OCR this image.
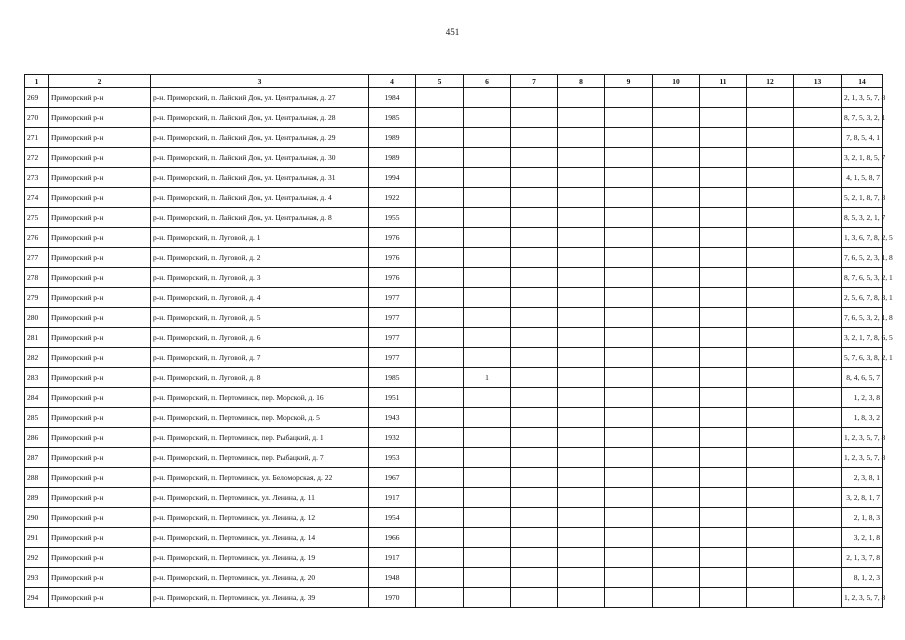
451
1	2	3	4	5	6	7	8	9	10	11	12	13	14
269	Приморский р-н	р-н. Приморский, п. Лайский Док, ул. Центральная, д. 27	1984										2, 1, 3, 5, 7, 8
270	Приморский р-н	р-н. Приморский, п. Лайский Док, ул. Центральная, д. 28	1985										8, 7, 5, 3, 2, 1
271	Приморский р-н	р-н. Приморский, п. Лайский Док, ул. Центральная, д. 29	1989										7, 8, 5, 4, 1
272	Приморский р-н	р-н. Приморский, п. Лайский Док, ул. Центральная, д. 30	1989										3, 2, 1, 8, 5, 7
273	Приморский р-н	р-н. Приморский, п. Лайский Док, ул. Центральная, д. 31	1994										4, 1, 5, 8, 7
274	Приморский р-н	р-н. Приморский, п. Лайский Док, ул. Центральная, д. 4	1922										5, 2, 1, 8, 7, 3
275	Приморский р-н	р-н. Приморский, п. Лайский Док, ул. Центральная, д. 8	1955										8, 5, 3, 2, 1, 7
276	Приморский р-н	р-н. Приморский, п. Луговой, д. 1	1976										1, 3, 6, 7, 8, 2, 5
277	Приморский р-н	р-н. Приморский, п. Луговой, д. 2	1976										7, 6, 5, 2, 3, 1, 8
278	Приморский р-н	р-н. Приморский, п. Луговой, д. 3	1976										8, 7, 6, 5, 3, 2, 1
279	Приморский р-н	р-н. Приморский, п. Луговой, д. 4	1977										2, 5, 6, 7, 8, 3, 1
280	Приморский р-н	р-н. Приморский, п. Луговой, д. 5	1977										7, 6, 5, 3, 2, 1, 8
281	Приморский р-н	р-н. Приморский, п. Луговой, д. 6	1977										3, 2, 1, 7, 8, 6, 5
282	Приморский р-н	р-н. Приморский, п. Луговой, д. 7	1977										5, 7, 6, 3, 8, 2, 1
283	Приморский р-н	р-н. Приморский, п. Луговой, д. 8	1985		1								8, 4, 6, 5, 7
284	Приморский р-н	р-н. Приморский, п. Пертоминск, пер. Морской, д. 16	1951										1, 2, 3, 8
285	Приморский р-н	р-н. Приморский, п. Пертоминск, пер. Морской, д. 5	1943										1, 8, 3, 2
286	Приморский р-н	р-н. Приморский, п. Пертоминск, пер. Рыбацкий, д. 1	1932										1, 2, 3, 5, 7, 8
287	Приморский р-н	р-н. Приморский, п. Пертоминск, пер. Рыбацкий, д. 7	1953										1, 2, 3, 5, 7, 8
288	Приморский р-н	р-н. Приморский, п. Пертоминск, ул. Беломорская, д. 22	1967										2, 3, 8, 1
289	Приморский р-н	р-н. Приморский, п. Пертоминск, ул. Ленина, д. 11	1917										3, 2, 8, 1, 7
290	Приморский р-н	р-н. Приморский, п. Пертоминск, ул. Ленина, д. 12	1954										2, 1, 8, 3
291	Приморский р-н	р-н. Приморский, п. Пертоминск, ул. Ленина, д. 14	1966										3, 2, 1, 8
292	Приморский р-н	р-н. Приморский, п. Пертоминск, ул. Ленина, д. 19	1917										2, 1, 3, 7, 8
293	Приморский р-н	р-н. Приморский, п. Пертоминск, ул. Ленина, д. 20	1948										8, 1, 2, 3
294	Приморский р-н	р-н. Приморский, п. Пертоминск, ул. Ленина, д. 39	1970										1, 2, 3, 5, 7, 8
